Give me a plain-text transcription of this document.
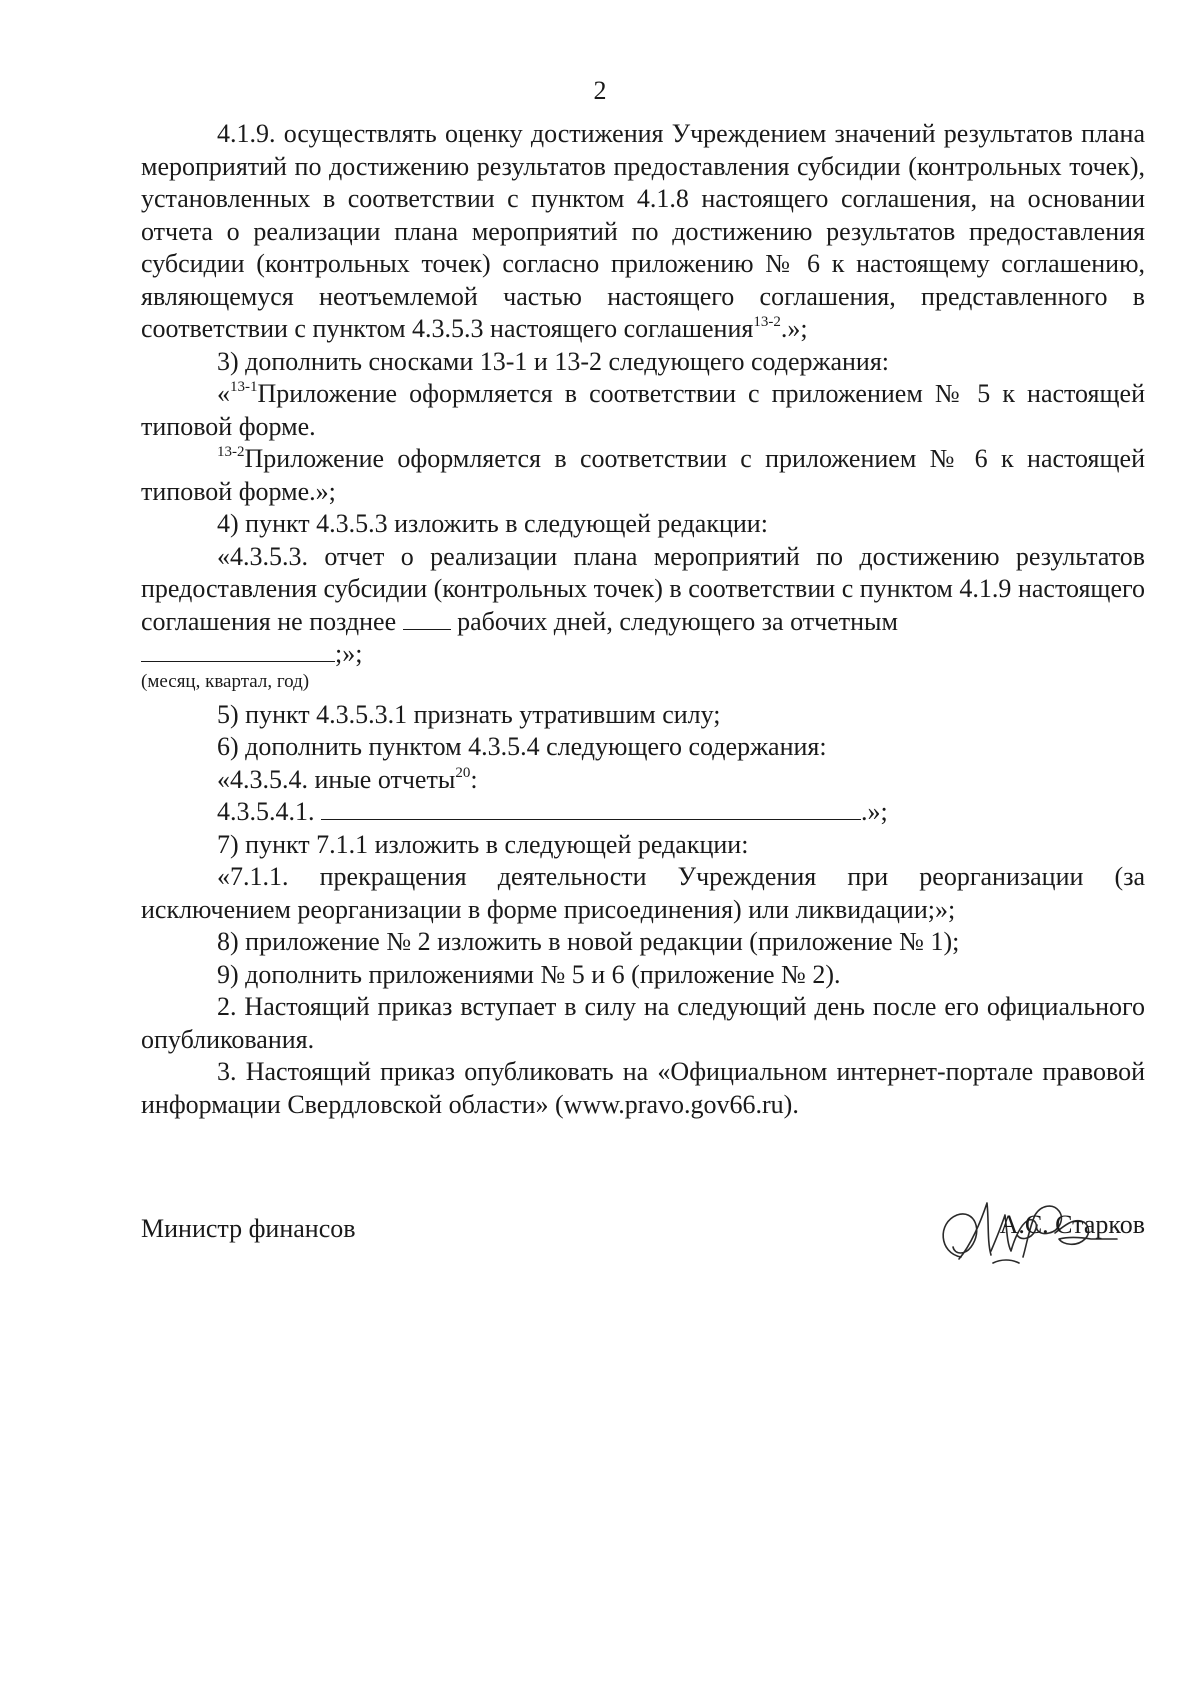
2

4.1.9. осуществлять оценку достижения Учреждением значений результатов плана мероприятий по достижению результатов предоставления субсидии (контрольных точек), установленных в соответствии с пунктом 4.1.8 настоящего соглашения, на основании отчета о реализации плана мероприятий по достижению результатов предоставления субсидии (контрольных точек) согласно приложению № 6 к настоящему соглашению, являющемуся неотъемлемой частью настоящего соглашения, представленного в соответствии с пунктом 4.3.5.3 настоящего соглашения$^{13-2}$.»;

3) дополнить сносками 13-1 и 13-2 следующего содержания:

«$^{13-1}$Приложение оформляется в соответствии с приложением № 5 к настоящей типовой форме.

$^{13-2}$Приложение оформляется в соответствии с приложением № 6 к настоящей типовой форме.»;

4) пункт 4.3.5.3 изложить в следующей редакции:

«4.3.5.3. отчет о реализации плана мероприятий по достижению результатов предоставления субсидии (контрольных точек) в соответствии с пунктом 4.1.9 настоящего соглашения не позднее рабочих дней, следующего за отчетным
;»;

(месяц, квартал, год)

5) пункт 4.3.5.3.1 признать утратившим силу;

6) дополнить пунктом 4.3.5.4 следующего содержания:

«4.3.5.4. иные отчеты$^{20}$:

4.3.5.4.1.	.»;

7) пункт 7.1.1 изложить в следующей редакции:

«7.1.1. прекращения деятельности Учреждения при реорганизации (за исключением реорганизации в форме присоединения) или ликвидации;»;

8) приложение № 2 изложить в новой редакции (приложение № 1);

9) дополнить приложениями № 5 и 6 (приложение № 2).

2. Настоящий приказ вступает в силу на следующий день после его официального опубликования.

3. Настоящий приказ опубликовать на «Официальном интернет-портале правовой информации Свердловской области» (www.pravo.gov66.ru).

Министр финансов	А.С. Старков
